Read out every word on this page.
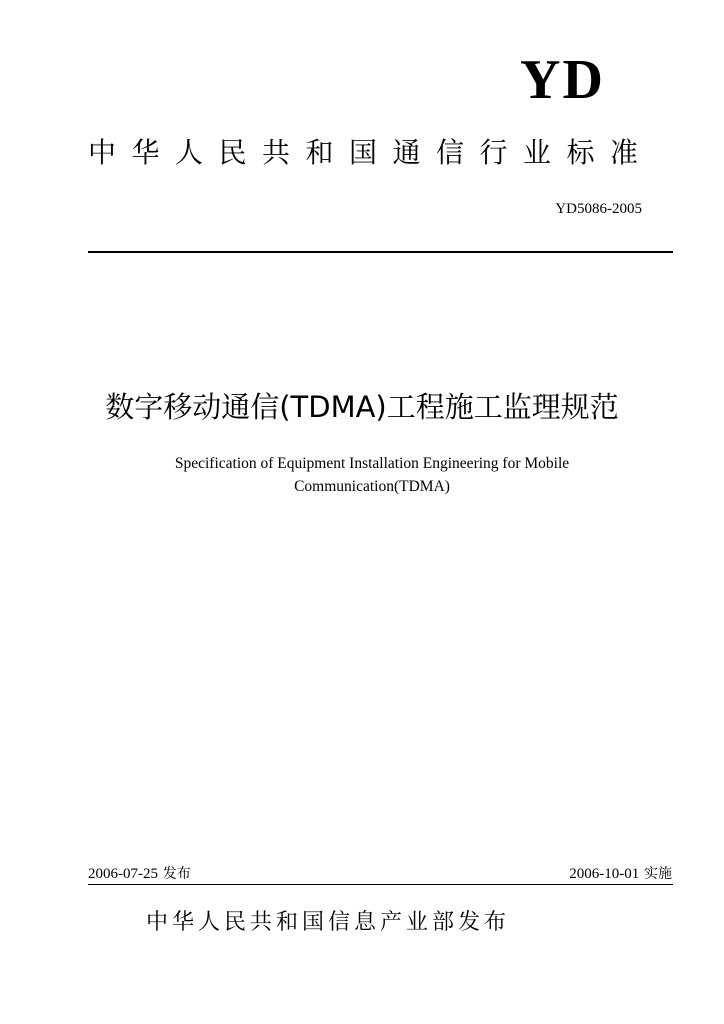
YD
中华人民共和国通信行业标准
YD5086-2005
数字移动通信(TDMA)工程施工监理规范
Specification of Equipment Installation Engineering for Mobile
Communication(TDMA)
2006-07-25 发布	2006-10-01 实施
中华人民共和国信息产业部发布
